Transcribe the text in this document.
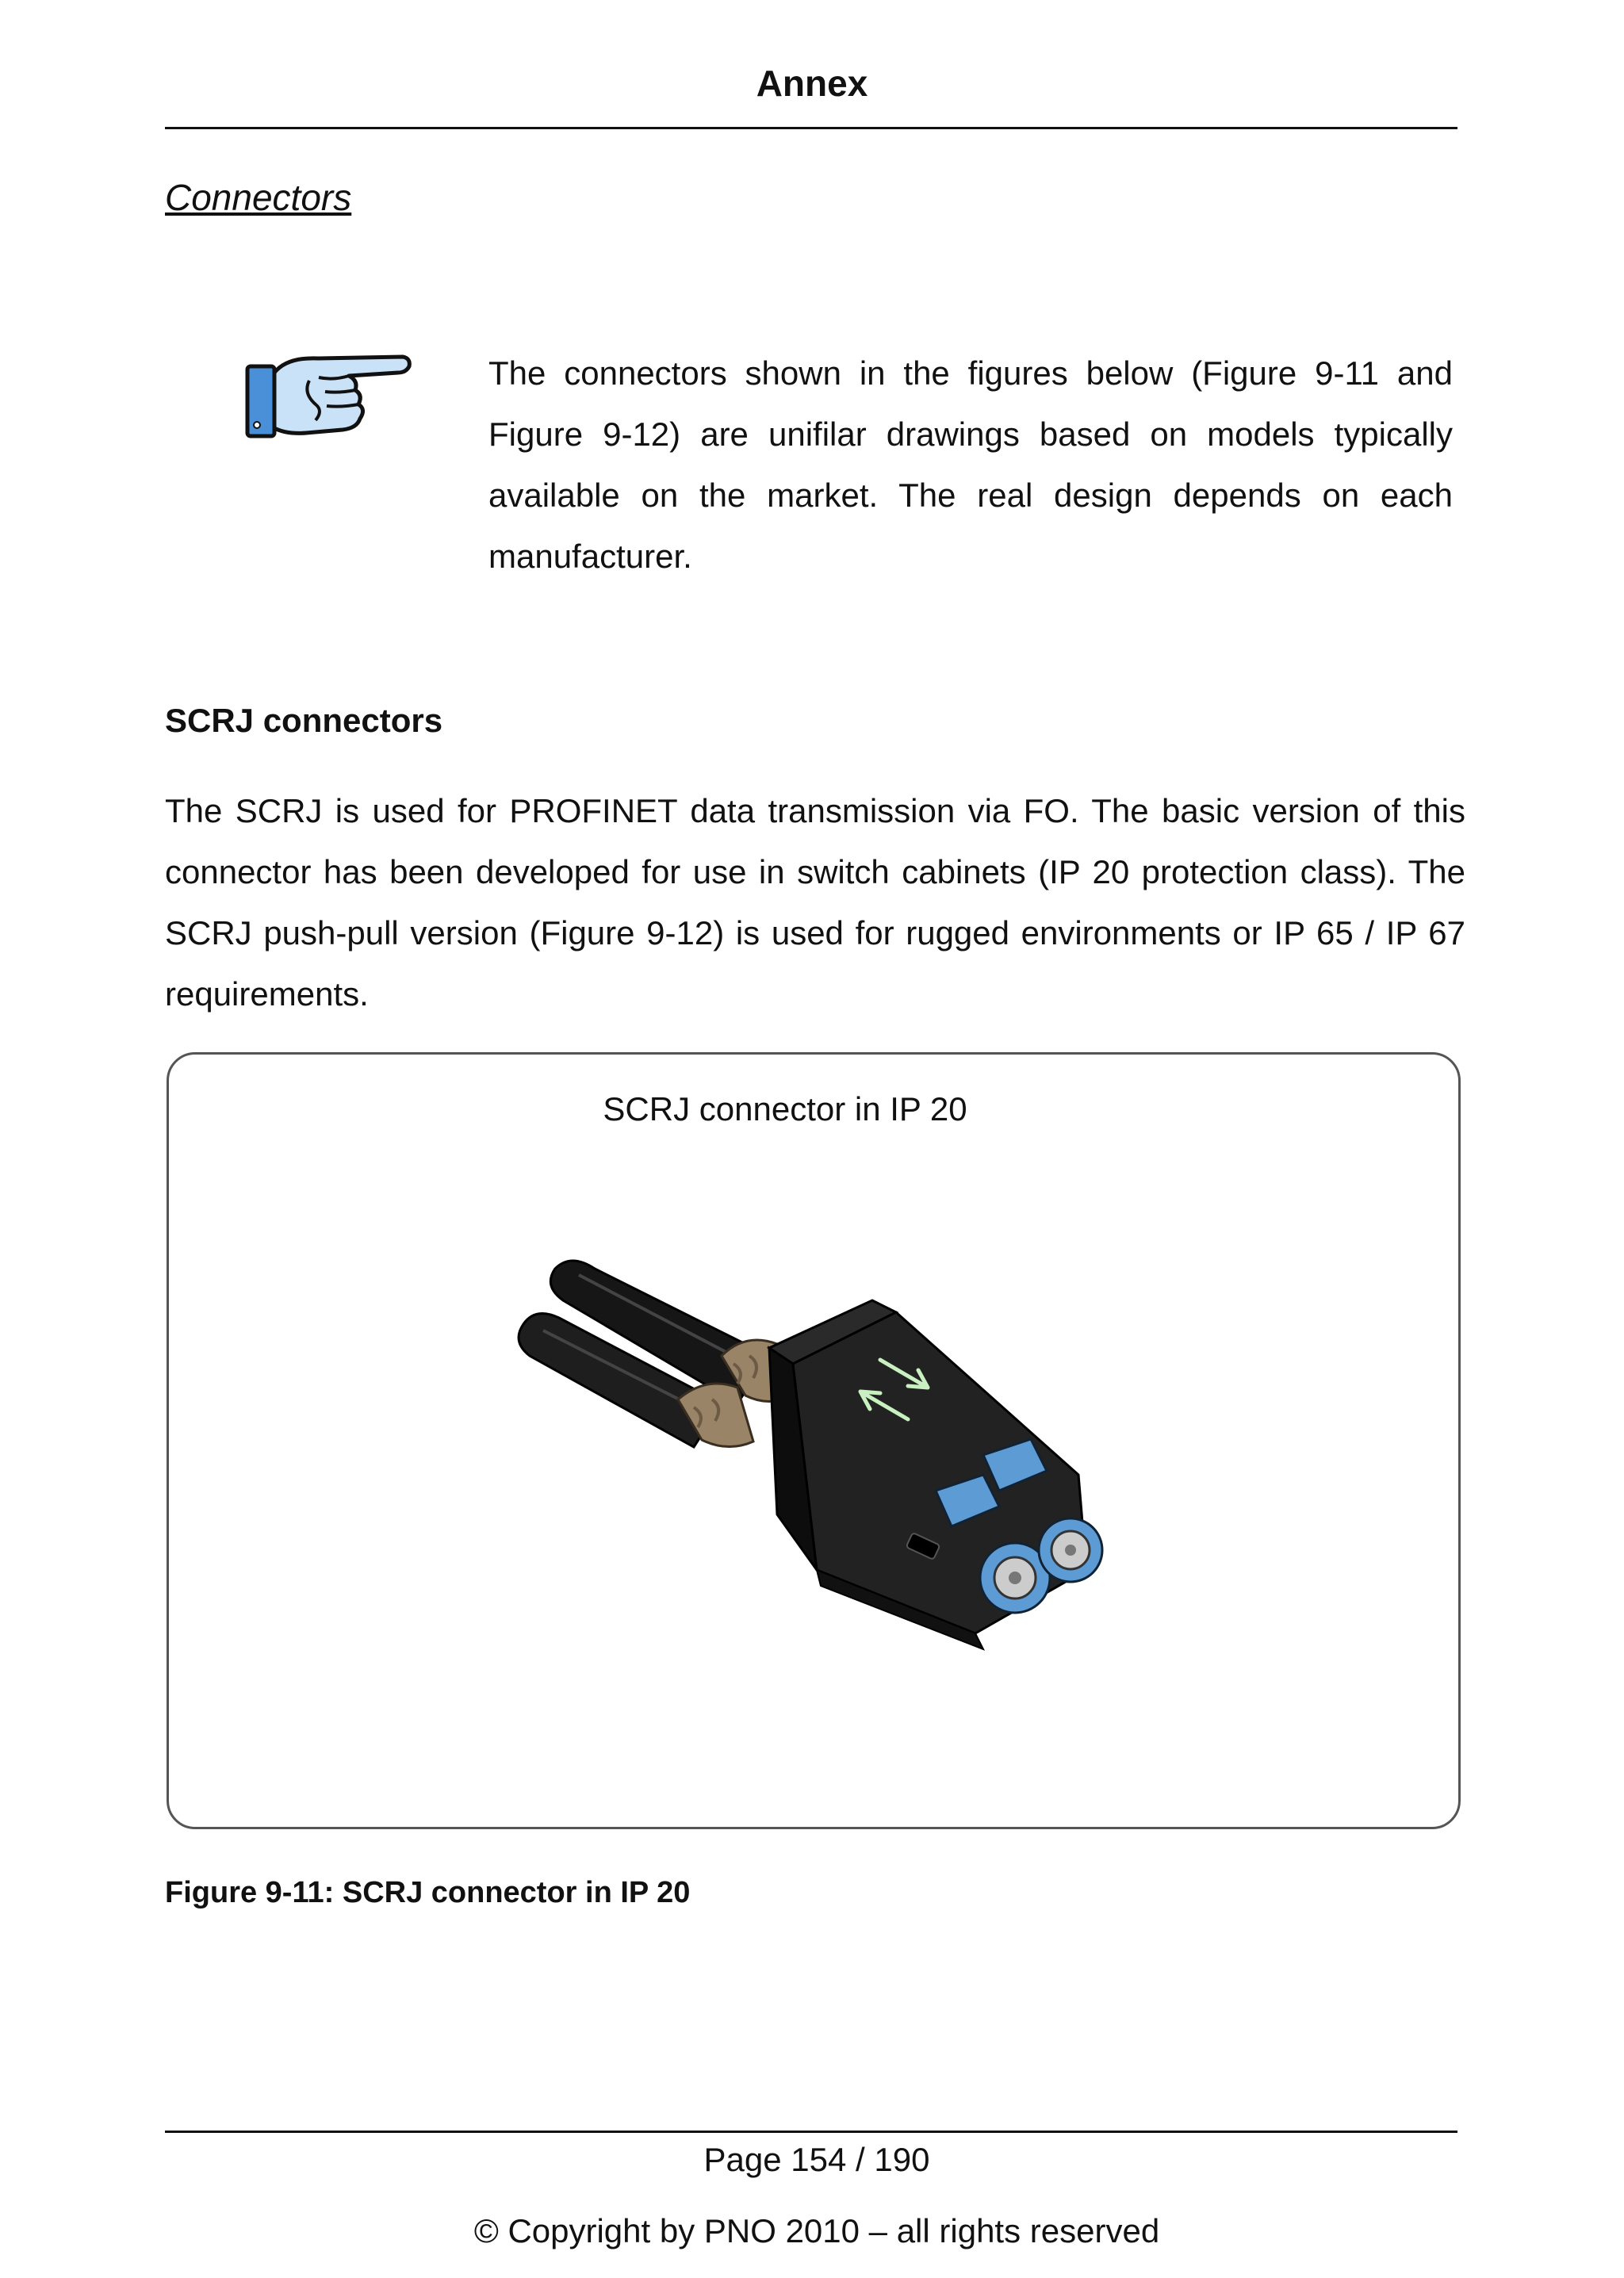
Annex
Connectors
The connectors shown in the figures below (Figure 9-11 and Figure 9-12) are unifilar drawings based on models typically available on the market. The real design depends on each manufacturer.
SCRJ connectors
The SCRJ is used for PROFINET data transmission via FO. The basic version of this connector has been developed for use in switch cabinets (IP 20 protection class). The SCRJ push-pull version (Figure 9-12) is used for rugged environments or IP 65 / IP 67 requirements.
SCRJ connector in IP 20
Figure 9-11: SCRJ connector in IP 20
Page 154 / 190
© Copyright by PNO 2010 – all rights reserved
